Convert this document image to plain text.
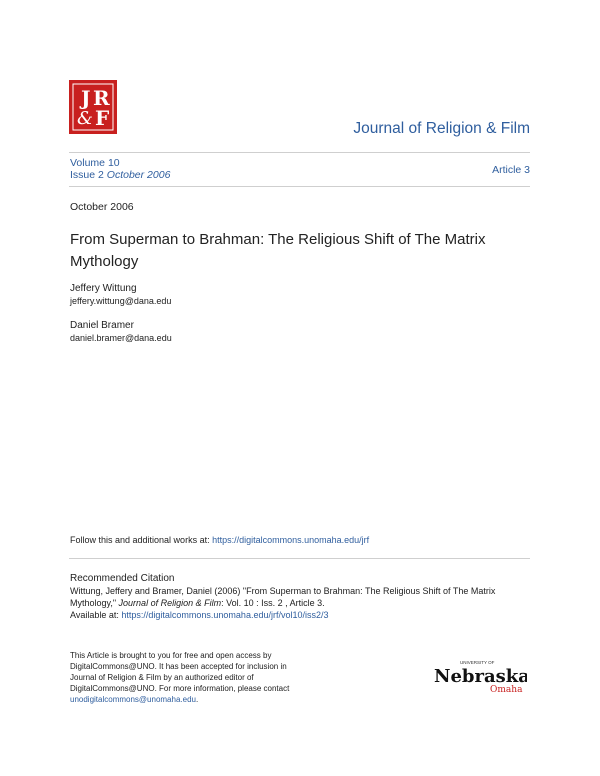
J R
& F	Journal of Religion & Film
Volume 10
Issue 2 October 2006	Article 3
October 2006
From Superman to Brahman: The Religious Shift of The Matrix Mythology
Jeffery Wittung
jeffery.wittung@dana.edu
Daniel Bramer
daniel.bramer@dana.edu
Follow this and additional works at: https://digitalcommons.unomaha.edu/jrf
Recommended Citation
Wittung, Jeffery and Bramer, Daniel (2006) "From Superman to Brahman: The Religious Shift of The Matrix Mythology," Journal of Religion & Film: Vol. 10 : Iss. 2 , Article 3.
Available at: https://digitalcommons.unomaha.edu/jrf/vol10/iss2/3
This Article is brought to you for free and open access by DigitalCommons@UNO. It has been accepted for inclusion in Journal of Religion & Film by an authorized editor of DigitalCommons@UNO. For more information, please contact unodigitalcommons@unomaha.edu.
UNIVERSITY OF
Nebraska
Omaha
